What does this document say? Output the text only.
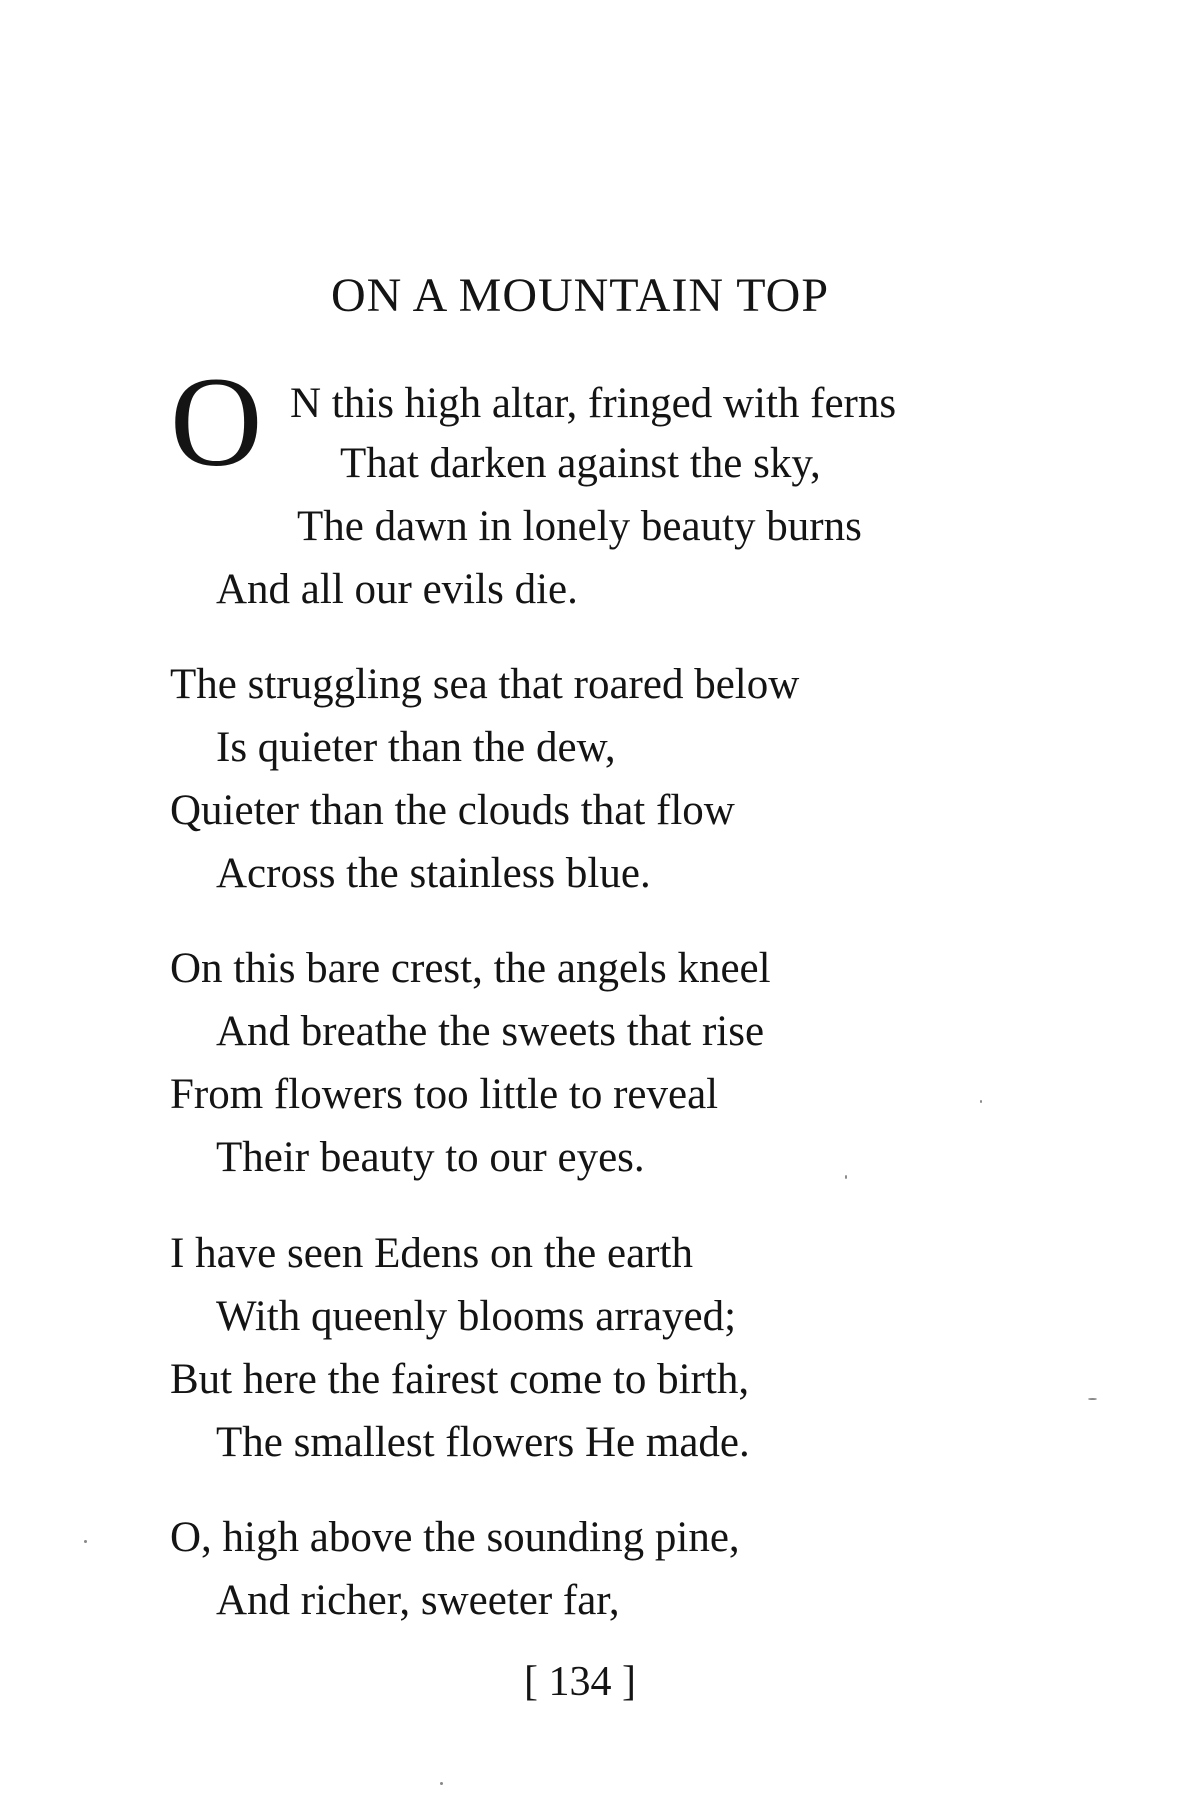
ON A MOUNTAIN TOP
O N this high altar, fringed with ferns

That darken against the sky,

The dawn in lonely beauty burns

And all our evils die.

The struggling sea that roared below

Is quieter than the dew,

Quieter than the clouds that flow

Across the stainless blue.

On this bare crest, the angels kneel

And breathe the sweets that rise

From flowers too little to reveal

Their beauty to our eyes.

I have seen Edens on the earth

With queenly blooms arrayed;

But here the fairest come to birth,

The smallest flowers He made.

O, high above the sounding pine,

And richer, sweeter far,

[ 134 ]
